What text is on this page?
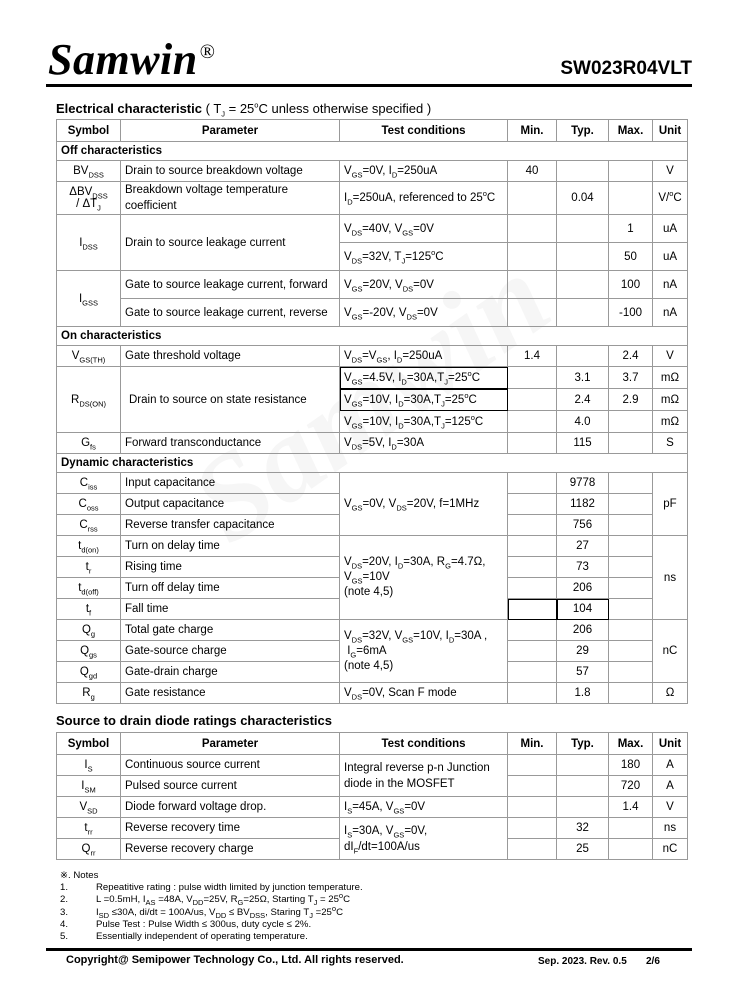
Samwin ®
SW023R04VLT
Electrical characteristic ( $T_J = 25^oC$ unless otherwise specified )
Symbol	Parameter	Test conditions	Min.	Typ.	Max.	Unit
Off characteristics						
$BV_{DSS}$	Drain to source breakdown voltage	$V_{GS}=0V$, $I_D=250uA$	40			V
$\Delta BV_{DSS}$
/ $\Delta T_J$	Breakdown voltage temperature
coefficient	$I_D=250uA$, referenced to 25$^o$C		0.04		V/$^o$C
$I_{DSS}$	Drain to source leakage current	$V_{DS}=40V$, $V_{GS}=0V$			1	uA
		$V_{DS}=32V$, $T_J=125^oC$			50	uA
$I_{GSS}$	Gate to source leakage current, forward	$V_{GS}=20V$, $V_{DS}=0V$			100	nA
	Gate to source leakage current, reverse	$V_{GS}=-20V$, $V_{DS}=0V$			-100	nA
On characteristics						
$V_{GS(TH)}$	Gate threshold voltage	$V_{DS}=V_{GS}$, $I_D=250uA$	1.4		2.4	V
$R_{DS(ON)}$	Drain to source on state resistance	$V_{GS}=4.5V$, $I_D=30A,T_J=25^oC$		3.1	3.7	mΩ
		$V_{GS}=10V$, $I_D=30A,T_J=25^oC$		2.4	2.9	mΩ
		$V_{GS}=10V$, $I_D=30A,T_J=125^oC$		4.0		mΩ
$G_{fs}$	Forward transconductance	$V_{DS}=5V$, $I_D=30A$		115		S
Dynamic characteristics						
$C_{iss}$	Input capacitance	$V_{GS}=0V$, $V_{DS}=20V$, f=1MHz		9778		pF
$C_{oss}$	Output capacitance			1182		
$C_{rss}$	Reverse transfer capacitance			756		
$t_{d(on)}$	Turn on delay time	$V_{DS}=20V$, $I_D=30A$, $R_G=4.7\Omega$,
$V_{GS}=10V$
(note 4,5)		27		ns
$t_r$	Rising time			73		
$t_{d(off)}$	Turn off delay time			206		
$t_f$	Fall time			104		
$Q_g$	Total gate charge	$V_{DS}=32V$, $V_{GS}=10V$, $I_D=30A$ ,
$I_G=6mA$
(note 4,5)		206		nC
$Q_{gs}$	Gate-source charge			29		
$Q_{gd}$	Gate-drain charge			57		
$R_g$	Gate resistance	$V_{DS}=0V$, Scan F mode		1.8		Ω
Source to drain diode ratings characteristics
Symbol	Parameter	Test conditions	Min.	Typ.	Max.	Unit
$I_S$	Continuous source current	Integral reverse p-n Junction
diode in the MOSFET			180	A
$I_{SM}$	Pulsed source current				720	A
$V_{SD}$	Diode forward voltage drop.	$I_S=45A$, $V_{GS}=0V$			1.4	V
$t_{rr}$	Reverse recovery time	$I_S=30A$, $V_{GS}=0V$,
$dI_F/dt=100A/us$		32		ns
$Q_{rr}$	Reverse recovery charge			25		nC
※. Notes
1.	Repeatitive rating : pulse width limited by junction temperature.
2.	L =0.5mH, $I_{AS} =48A$, $V_{DD}=25V$, $R_G=25\Omega$, Starting $T_J = 25^oC$
3.	$I_{SD} \le 30A$, di/dt = 100A/us, $V_{DD} \le BV_{DSS}$, Staring $T_J =25^oC$
4.	Pulse Test : Pulse Width ≤ 300us, duty cycle ≤ 2%.
5.	Essentially independent of operating temperature.
Copyright@ Semipower Technology Co., Ltd. All rights reserved.	Sep. 2023. Rev. 0.5 2/6
